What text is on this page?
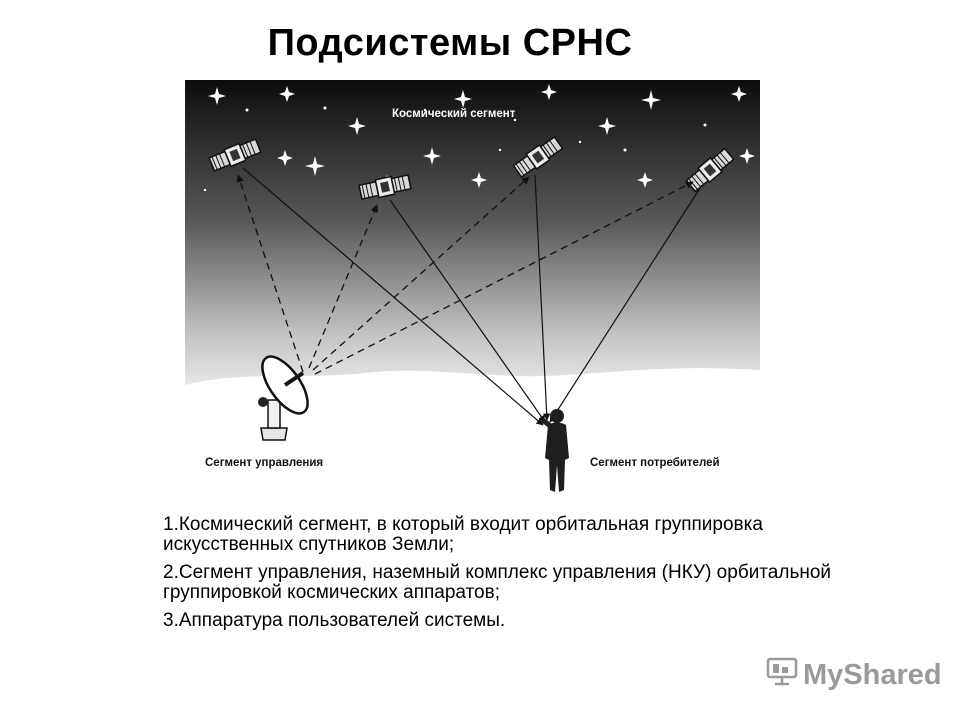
Подсистемы СРНС
Космический сегмент
Сегмент управления	Сегмент потребителей

1.Космический сегмент, в который входит орбитальная группировка искусственных спутников Земли;

2.Сегмент управления, наземный комплекс управления (НКУ) орбитальной группировкой космических аппаратов;

3.Аппаратура пользователей системы.

MyShared
